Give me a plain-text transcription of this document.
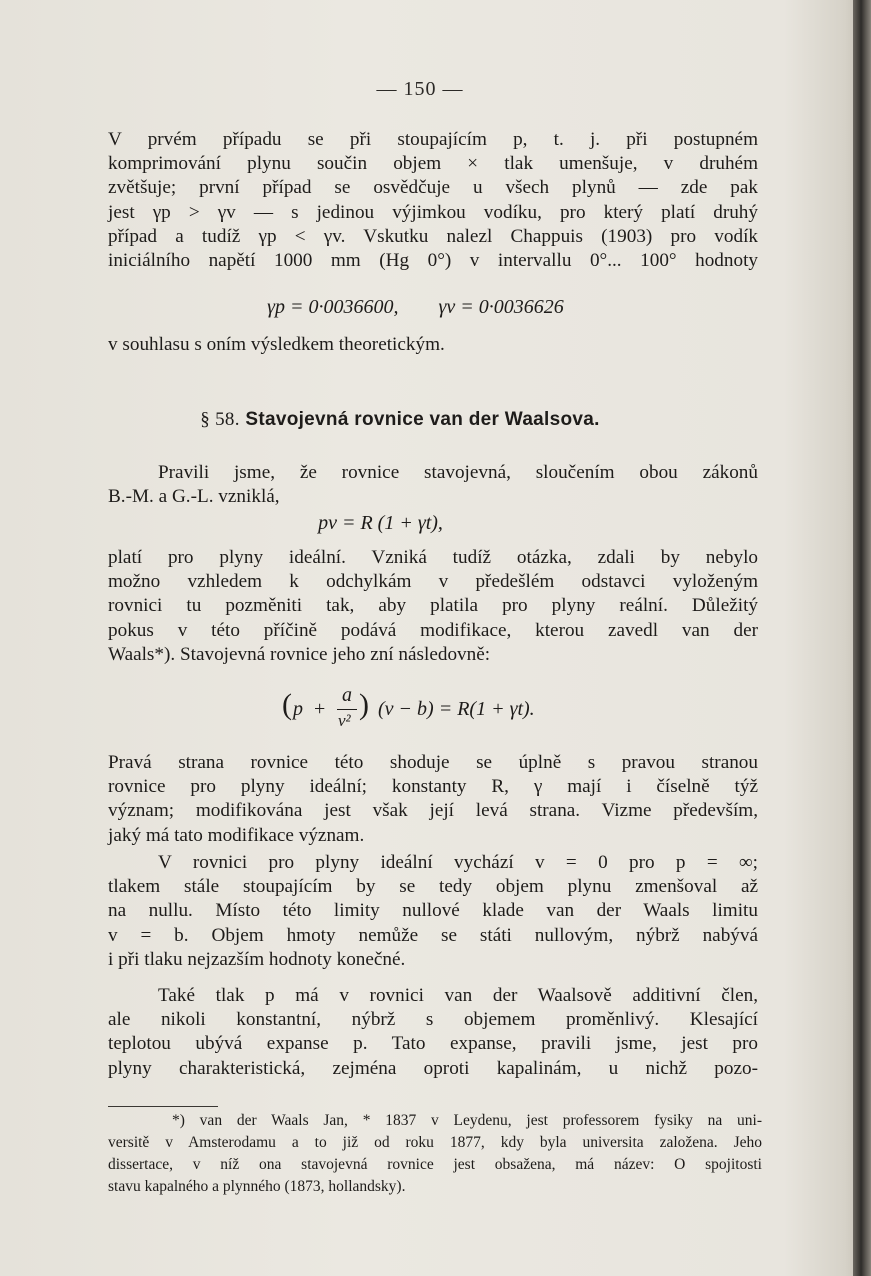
— 150 —
V prvém případu se při stoupajícím p, t. j. při postupném
komprimování plynu součin objem × tlak umenšuje, v druhém
zvětšuje; první případ se osvědčuje u všech plynů — zde pak
jest γp > γv — s jedinou výjimkou vodíku, pro který platí druhý
případ a tudíž γp < γv. Vskutku nalezl Chappuis (1903) pro vodík
iniciálního napětí 1000 mm (Hg 0°) v intervallu 0°... 100° hodnoty
γp = 0·0036600,        γv = 0·0036626
v souhlasu s oním výsledkem theoretickým.
§ 58. Stavojevná rovnice van der Waalsova.
Pravili jsme, že rovnice stavojevná, sloučením obou zákonů
B.-M. a G.-L. vzniklá,
pv = R (1 + γt),
platí pro plyny ideální. Vzniká tudíž otázka, zdali by nebylo
možno vzhledem k odchylkám v předešlém odstavci vyloženým
rovnici tu pozměniti tak, aby platila pro plyny reální. Důležitý
pokus v této příčině podává modifikace, kterou zavedl van der
Waals*). Stavojevná rovnice jeho zní následovně:
( p +
a
v² ) (v − b) = R(1 + γt).
Pravá strana rovnice této shoduje se úplně s pravou stranou
rovnice pro plyny ideální; konstanty R, γ mají i číselně týž
význam; modifikována jest však její levá strana. Vizme především,
jaký má tato modifikace význam.
V rovnici pro plyny ideální vychází v = 0 pro p = ∞;
tlakem stále stoupajícím by se tedy objem plynu zmenšoval až
na nullu. Místo této limity nullové klade van der Waals limitu
v = b. Objem hmoty nemůže se státi nullovým, nýbrž nabývá
i při tlaku nejzazším hodnoty konečné.
Také tlak p má v rovnici van der Waalsově additivní člen,
ale nikoli konstantní, nýbrž s objemem proměnlivý. Klesající
teplotou ubývá expanse p. Tato expanse, pravili jsme, jest pro
plyny charakteristická, zejména oproti kapalinám, u nichž pozo-
*) van der Waals Jan, * 1837 v Leydenu, jest professorem fysiky na uni-
versitě v Amsterodamu a to již od roku 1877, kdy byla universita založena. Jeho
dissertace, v níž ona stavojevná rovnice jest obsažena, má název: O spojitosti
stavu kapalného a plynného (1873, hollandsky).
